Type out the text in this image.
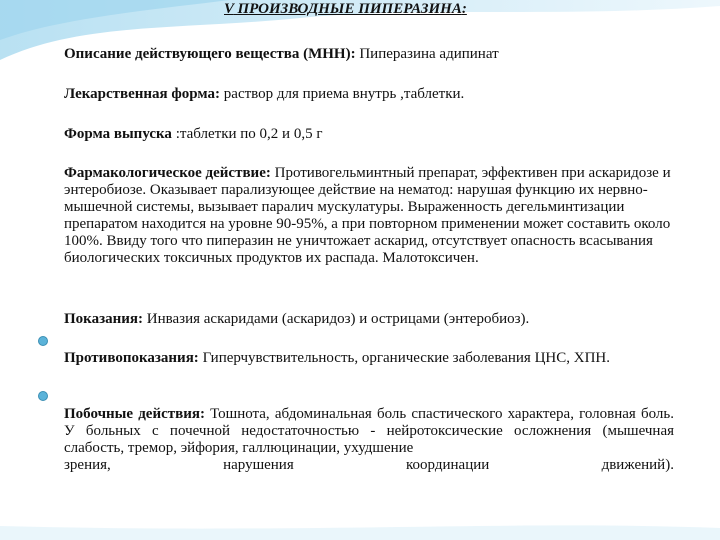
V ПРОИЗВОДНЫЕ ПИПЕРАЗИНА:

Описание действующего вещества (МНН): Пиперазина адипинат

Лекарственная форма: раствор для приема внутрь ,таблетки.

Форма выпуска :таблетки по 0,2 и 0,5 г

Фармакологическое действие: Противогельминтный препарат, эффективен при аскаридозе и энтеробиозе. Оказывает парализующее действие на нематод: нарушая функцию их нервно-мышечной системы, вызывает паралич мускулатуры. Выраженность дегельминтизации препаратом находится на уровне 90-95%, а при повторном применении может составить около 100%. Ввиду того что пиперазин не уничтожает аскарид, отсутствует опасность всасывания биологических токсичных продуктов их распада. Малотоксичен.

Показания: Инвазия аскаридами (аскаридоз) и острицами (энтеробиоз).

Противопоказания: Гиперчувствительность, органические заболевания ЦНС, ХПН.

Побочные действия: Тошнота, абдоминальная боль спастического характера, головная боль. У больных с почечной недостаточностью - нейротоксические осложнения (мышечная слабость, тремор, эйфория, галлюцинации, ухудшение
зрения,	нарушения	координации	движений).
